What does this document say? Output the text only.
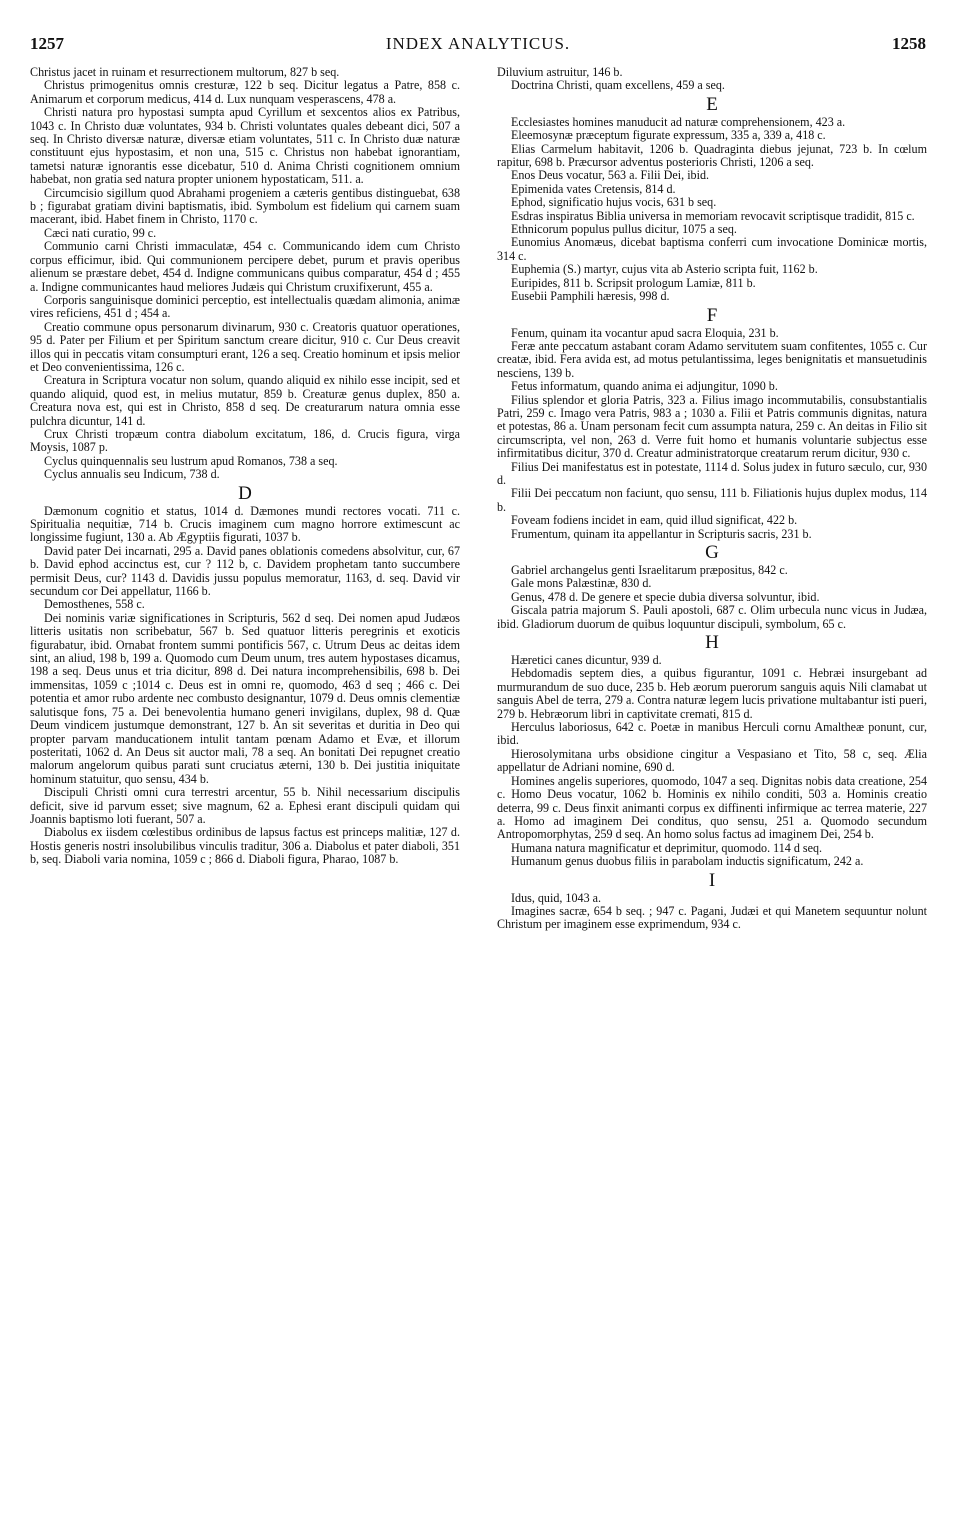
1257	INDEX ANALYTICUS.	1258

Christus jacet in ruinam et resurrectionem multorum, 827 b seq.

Christus primogenitus omnis cresturæ, 122 b seq. Dicitur legatus a Patre, 858 c. Animarum et corporum medicus, 414 d. Lux nunquam vesperascens, 478 a.

Christi natura pro hypostasi sumpta apud Cyrillum et sexcentos alios ex Patribus, 1043 c. In Christo duæ voluntates, 934 b. Christi voluntates quales debeant dici, 507 a seq. In Christo diversæ naturæ, diversæ etiam voluntates, 511 c. In Christo duæ naturæ constituunt ejus hypostasim, et non una, 515 c. Christus non habebat ignorantiam, tametsi naturæ ignorantis esse dicebatur, 510 d. Anima Christi cognitionem omnium habebat, non gratia sed natura propter unionem hypostaticam, 511. a.

Circumcisio sigillum quod Abrahami progeniem a cæteris gentibus distinguebat, 638 b ; figurabat gratiam divini baptismatis, ibid. Symbolum est fidelium qui carnem suam macerant, ibid. Habet finem in Christo, 1170 c.

Cæci nati curatio, 99 c.

Communio carni Christi immaculatæ, 454 c. Communicando idem cum Christo corpus efficimur, ibid. Qui communionem percipere debet, purum et pravis operibus alienum se præstare debet, 454 d. Indigne communicans quibus comparatur, 454 d ; 455 a. Indigne communicantes haud meliores Judæis qui Christum cruxifixerunt, 455 a.

Corporis sanguinisque dominici perceptio, est intellectualis quædam alimonia, animæ vires reficiens, 451 d ; 454 a.

Creatio commune opus personarum divinarum, 930 c. Creatoris quatuor operationes, 95 d. Pater per Filium et per Spiritum sanctum creare dicitur, 910 c. Cur Deus creavit illos qui in peccatis vitam consumpturi erant, 126 a seq. Creatio hominum et ipsis melior et Deo convenientissima, 126 c.

Creatura in Scriptura vocatur non solum, quando aliquid ex nihilo esse incipit, sed et quando aliquid, quod est, in melius mutatur, 859 b. Creaturæ genus duplex, 850 a. Creatura nova est, qui est in Christo, 858 d seq. De creaturarum natura omnia esse pulchra dicuntur, 141 d.

Crux Christi tropæum contra diabolum excitatum, 186, d. Crucis figura, virga Moysis, 1087 p.

Cyclus quinquennalis seu lustrum apud Romanos, 738 a seq.

Cyclus annualis seu Indicum, 738 d.

D

Dæmonum cognitio et status, 1014 d. Dæmones mundi rectores vocati. 711 c. Spiritualia nequitiæ, 714 b. Crucis imaginem cum magno horrore extimescunt ac longissime fugiunt, 130 a. Ab Ægyptiis figurati, 1037 b.

David pater Dei incarnati, 295 a. David panes oblationis comedens absolvitur, cur, 67 b. David ephod accinctus est, cur ? 112 b, c. Davidem prophetam tanto succumbere permisit Deus, cur? 1143 d. Davidis jussu populus memoratur, 1163, d. seq. David vir secundum cor Dei appellatur, 1166 b.

Demosthenes, 558 c.

Dei nominis variæ significationes in Scripturis, 562 d seq. Dei nomen apud Judæos litteris usitatis non scribebatur, 567 b. Sed quatuor litteris peregrinis et exoticis figurabatur, ibid. Ornabat frontem summi pontificis 567, c. Utrum Deus ac deitas idem sint, an aliud, 198 b, 199 a. Quomodo cum Deum unum, tres autem hypostases dicamus, 198 a seq. Deus unus et tria dicitur, 898 d. Dei natura incomprehensibilis, 698 b. Dei immensitas, 1059 c ;1014 c. Deus est in omni re, quomodo, 463 d seq ; 466 c. Dei potentia et amor rubo ardente nec combusto designantur, 1079 d. Deus omnis clementiæ salutisque fons, 75 a. Dei benevolentia humano generi invigilans, duplex, 98 d. Quæ Deum vindicem justumque demonstrant, 127 b. An sit severitas et duritia in Deo qui propter parvam manducationem intulit tantam pœnam Adamo et Evæ, et illorum posteritati, 1062 d. An Deus sit auctor mali, 78 a seq. An bonitati Dei repugnet creatio malorum angelorum quibus parati sunt cruciatus æterni, 130 b. Dei justitia iniquitate hominum statuitur, quo sensu, 434 b.

Discipuli Christi omni cura terrestri arcentur, 55 b. Nihil necessarium discipulis deficit, sive id parvum esset; sive magnum, 62 a. Ephesi erant discipuli quidam qui Joannis baptismo loti fuerant, 507 a.

Diabolus ex iisdem cœlestibus ordinibus de lapsus factus est princeps malitiæ, 127 d. Hostis generis nostri insolubilibus vinculis traditur, 306 a. Diabolus et pater diaboli, 351 b, seq. Diaboli varia nomina, 1059 c ; 866 d. Diaboli figura, Pharao, 1087 b.

Diluvium astruitur, 146 b.

Doctrina Christi, quam excellens, 459 a seq.

E

Ecclesiastes homines manuducit ad naturæ comprehensionem, 423 a.

Eleemosynæ præceptum figurate expressum, 335 a, 339 a, 418 c.

Elias Carmelum habitavit, 1206 b. Quadraginta diebus jejunat, 723 b. In cœlum rapitur, 698 b. Præcursor adventus posterioris Christi, 1206 a seq.

Enos Deus vocatur, 563 a. Filii Dei, ibid.

Epimenida vates Cretensis, 814 d.

Ephod, significatio hujus vocis, 631 b seq.

Esdras inspiratus Biblia universa in memoriam revocavit scriptisque tradidit, 815 c.

Ethnicorum populus pullus dicitur, 1075 a seq.

Eunomius Anomæus, dicebat baptisma conferri cum invocatione Dominicæ mortis, 314 c.

Euphemia (S.) martyr, cujus vita ab Asterio scripta fuit, 1162 b.

Euripides, 811 b. Scripsit prologum Lamiæ, 811 b.

Eusebii Pamphili hæresis, 998 d.

F

Fenum, quinam ita vocantur apud sacra Eloquia, 231 b.

Feræ ante peccatum astabant coram Adamo servitutem suam confitentes, 1055 c. Cur creatæ, ibid. Fera avida est, ad motus petulantissima, leges benignitatis et mansuetudinis nesciens, 139 b.

Fetus informatum, quando anima ei adjungitur, 1090 b.

Filius splendor et gloria Patris, 323 a. Filius imago incommutabilis, consubstantialis Patri, 259 c. Imago vera Patris, 983 a ; 1030 a. Filii et Patris communis dignitas, natura et potestas, 86 a. Unam personam fecit cum assumpta natura, 259 c. An deitas in Filio sit circumscripta, vel non, 263 d. Verre fuit homo et humanis voluntarie subjectus esse infirmitatibus dicitur, 370 d. Creatur administratorque creatarum rerum dicitur, 930 c.

Filius Dei manifestatus est in potestate, 1114 d. Solus judex in futuro sæculo, cur, 930 d.

Filii Dei peccatum non faciunt, quo sensu, 111 b. Filiationis hujus duplex modus, 114 b.

Foveam fodiens incidet in eam, quid illud significat, 422 b.

Frumentum, quinam ita appellantur in Scripturis sacris, 231 b.

G

Gabriel archangelus genti Israelitarum præpositus, 842 c.

Gale mons Palæstinæ, 830 d.

Genus, 478 d. De genere et specie dubia diversa solvuntur, ibid.

Giscala patria majorum S. Pauli apostoli, 687 c. Olim urbecula nunc vicus in Judæa, ibid. Gladiorum duorum de quibus loquuntur discipuli, symbolum, 65 c.

H

Hæretici canes dicuntur, 939 d.

Hebdomadis septem dies, a quibus figurantur, 1091 c. Hebræi insurgebant ad murmurandum de suo duce, 235 b. Heb æorum puerorum sanguis aquis Nili clamabat ut sanguis Abel de terra, 279 a. Contra naturæ legem lucis privatione multabantur isti pueri, 279 b. Hebræorum libri in captivitate cremati, 815 d.

Herculus laboriosus, 642 c. Poetæ in manibus Herculi cornu Amaltheæ ponunt, cur, ibid.

Hierosolymitana urbs obsidione cingitur a Vespasiano et Tito, 58 c, seq. Ælia appellatur de Adriani nomine, 690 d.

Homines angelis superiores, quomodo, 1047 a seq. Dignitas nobis data creatione, 254 c. Homo Deus vocatur, 1062 b. Hominis ex nihilo conditi, 503 a. Hominis creatio deterra, 99 c. Deus finxit animanti corpus ex diffinenti infirmique ac terrea materie, 227 a. Homo ad imaginem Dei conditus, quo sensu, 251 a. Quomodo secundum Antropomorphytas, 259 d seq. An homo solus factus ad imaginem Dei, 254 b.

Humana natura magnificatur et deprimitur, quomodo. 114 d seq.

Humanum genus duobus filiis in parabolam inductis significatum, 242 a.

I

Idus, quid, 1043 a.

Imagines sacræ, 654 b seq. ; 947 c. Pagani, Judæi et qui Manetem sequuntur nolunt Christum per imaginem esse exprimendum, 934 c.
